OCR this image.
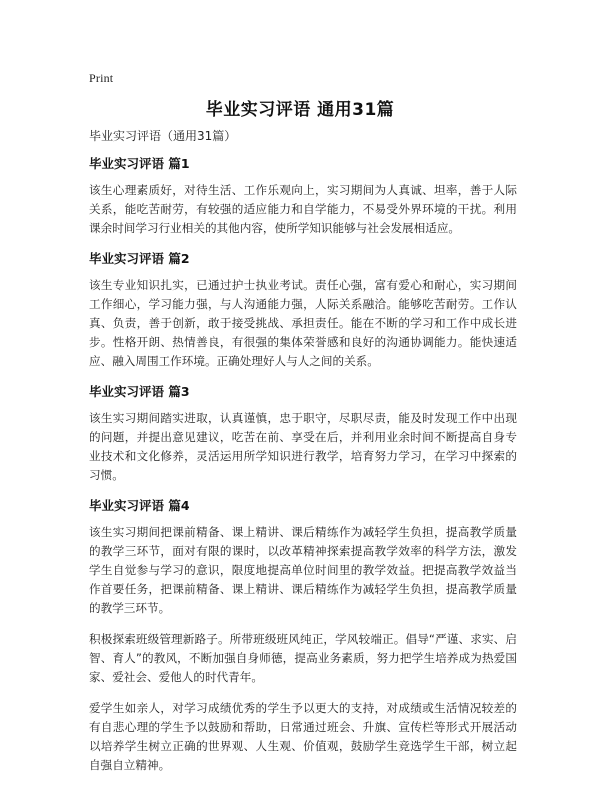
Print
毕业实习评语 通用31篇
毕业实习评语（通用31篇）
毕业实习评语 篇1

该生心理素质好，对待生活、工作乐观向上，实习期间为人真诚、坦率，善于人际关系，能吃苦耐劳，有较强的适应能力和自学能力，不易受外界环境的干扰。利用课余时间学习行业相关的其他内容，使所学知识能够与社会发展相适应。

毕业实习评语 篇2

该生专业知识扎实，已通过护士执业考试。责任心强，富有爱心和耐心，实习期间工作细心，学习能力强，与人沟通能力强，人际关系融洽。能够吃苦耐劳。工作认真、负责，善于创新，敢于接受挑战、承担责任。能在不断的学习和工作中成长进步。性格开朗、热情善良，有很强的集体荣誉感和良好的沟通协调能力。能快速适应、融入周围工作环境。正确处理好人与人之间的关系。

毕业实习评语 篇3

该生实习期间踏实进取，认真谨慎，忠于职守，尽职尽责，能及时发现工作中出现的问题，并提出意见建议，吃苦在前、享受在后，并利用业余时间不断提高自身专业技术和文化修养，灵活运用所学知识进行教学，培育努力学习，在学习中探索的习惯。

毕业实习评语 篇4

该生实习期间把课前精备、课上精讲、课后精练作为减轻学生负担，提高教学质量的教学三环节，面对有限的课时，以改革精神探索提高教学效率的科学方法，激发学生自觉参与学习的意识，限度地提高单位时间里的教学效益。把提高教学效益当作首要任务，把课前精备、课上精讲、课后精练作为减轻学生负担，提高教学质量的教学三环节。

积极探索班级管理新路子。所带班级班风纯正，学风较端正。倡导“严谨、求实、启智、育人”的教风，不断加强自身师德，提高业务素质，努力把学生培养成为热爱国家、爱社会、爱他人的时代青年。

爱学生如亲人，对学习成绩优秀的学生予以更大的支持，对成绩或生活情况较差的有自悲心理的学生予以鼓励和帮助，日常通过班会、升旗、宣传栏等形式开展活动以培养学生树立正确的世界观、人生观、价值观，鼓励学生竞选学生干部，树立起自强自立精神。
